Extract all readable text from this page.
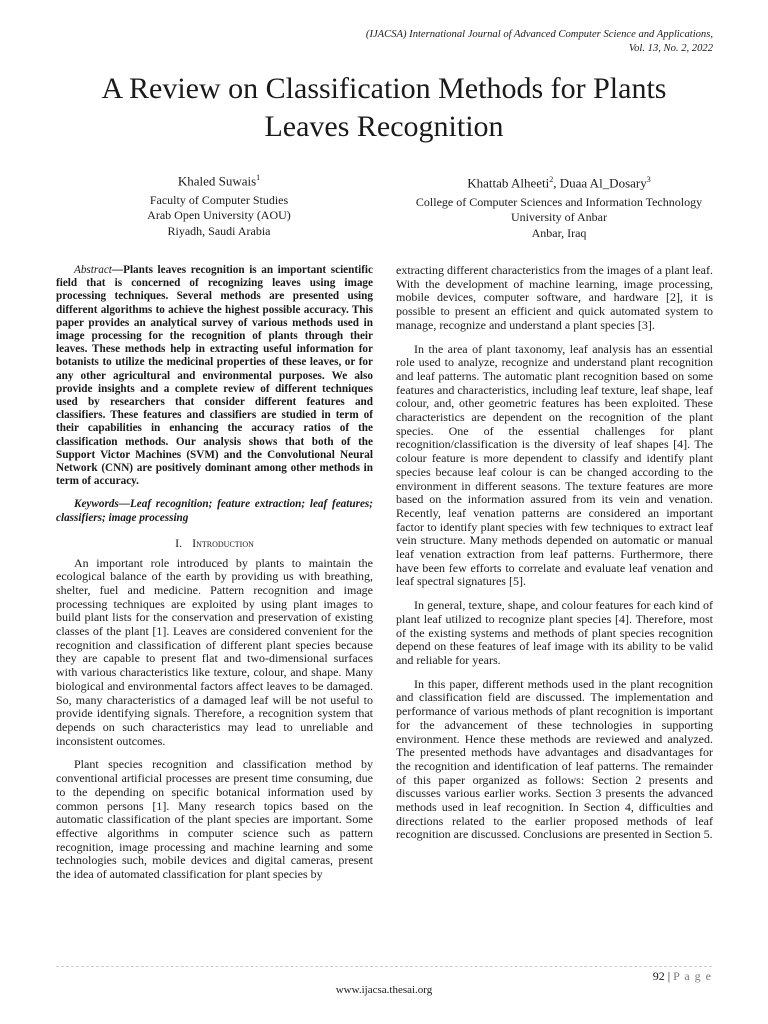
(IJACSA) International Journal of Advanced Computer Science and Applications,
Vol. 13, No. 2, 2022
A Review on Classification Methods for Plants Leaves Recognition
Khaled Suwais$^1$
Faculty of Computer Studies
Arab Open University (AOU)
Riyadh, Saudi Arabia
Khattab Alheeti$^2$, Duaa Al_Dosary$^3$
College of Computer Sciences and Information Technology
University of Anbar
Anbar, Iraq

Abstract—Plants leaves recognition is an important scientific field that is concerned of recognizing leaves using image processing techniques. Several methods are presented using different algorithms to achieve the highest possible accuracy. This paper provides an analytical survey of various methods used in image processing for the recognition of plants through their leaves. These methods help in extracting useful information for botanists to utilize the medicinal properties of these leaves, or for any other agricultural and environmental purposes. We also provide insights and a complete review of different techniques used by researchers that consider different features and classifiers. These features and classifiers are studied in term of their capabilities in enhancing the accuracy ratios of the classification methods. Our analysis shows that both of the Support Victor Machines (SVM) and the Convolutional Neural Network (CNN) are positively dominant among other methods in term of accuracy.

Keywords—Leaf recognition; feature extraction; leaf features; classifiers; image processing

I. Introduction

An important role introduced by plants to maintain the ecological balance of the earth by providing us with breathing, shelter, fuel and medicine. Pattern recognition and image processing techniques are exploited by using plant images to build plant lists for the conservation and preservation of existing classes of the plant [1]. Leaves are considered convenient for the recognition and classification of different plant species because they are capable to present flat and two-dimensional surfaces with various characteristics like texture, colour, and shape. Many biological and environmental factors affect leaves to be damaged. So, many characteristics of a damaged leaf will be not useful to provide identifying signals. Therefore, a recognition system that depends on such characteristics may lead to unreliable and inconsistent outcomes.

Plant species recognition and classification method by conventional artificial processes are present time consuming, due to the depending on specific botanical information used by common persons [1]. Many research topics based on the automatic classification of the plant species are important. Some effective algorithms in computer science such as pattern recognition, image processing and machine learning and some technologies such, mobile devices and digital cameras, present the idea of automated classification for plant species by

extracting different characteristics from the images of a plant leaf. With the development of machine learning, image processing, mobile devices, computer software, and hardware [2], it is possible to present an efficient and quick automated system to manage, recognize and understand a plant species [3].

In the area of plant taxonomy, leaf analysis has an essential role used to analyze, recognize and understand plant recognition and leaf patterns. The automatic plant recognition based on some features and characteristics, including leaf texture, leaf shape, leaf colour, and, other geometric features has been exploited. These characteristics are dependent on the recognition of the plant species. One of the essential challenges for plant recognition/classification is the diversity of leaf shapes [4]. The colour feature is more dependent to classify and identify plant species because leaf colour is can be changed according to the environment in different seasons. The texture features are more based on the information assured from its vein and venation. Recently, leaf venation patterns are considered an important factor to identify plant species with few techniques to extract leaf vein structure. Many methods depended on automatic or manual leaf venation extraction from leaf patterns. Furthermore, there have been few efforts to correlate and evaluate leaf venation and leaf spectral signatures [5].

In general, texture, shape, and colour features for each kind of plant leaf utilized to recognize plant species [4]. Therefore, most of the existing systems and methods of plant species recognition depend on these features of leaf image with its ability to be valid and reliable for years.

In this paper, different methods used in the plant recognition and classification field are discussed. The implementation and performance of various methods of plant recognition is important for the advancement of these technologies in supporting environment. Hence these methods are reviewed and analyzed. The presented methods have advantages and disadvantages for the recognition and identification of leaf patterns. The remainder of this paper organized as follows: Section 2 presents and discusses various earlier works. Section 3 presents the advanced methods used in leaf recognition. In Section 4, difficulties and directions related to the earlier proposed methods of leaf recognition are discussed. Conclusions are presented in Section 5.

92 | P a g e
www.ijacsa.thesai.org
